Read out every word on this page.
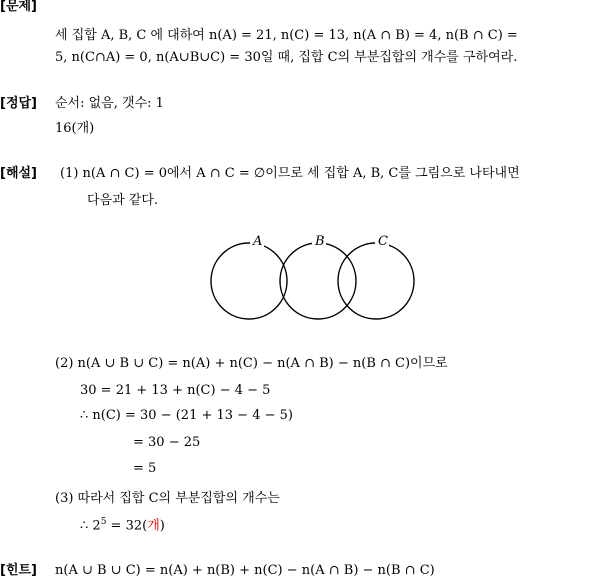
[문제]
세 집합 A, B, C 에 대하여 n(A) = 21, n(C) = 13, n(A ∩ B) = 4, n(B ∩ C) =
5, n(C∩A) = 0, n(A∪B∪C) = 30일 때, 집합 C의 부분집합의 개수를 구하여라.
[정답] 순서: 없음, 갯수: 1
16(개)
[해설] (1) n(A ∩ C) = 0에서 A ∩ C = ∅이므로 세 집합 A, B, C를 그림으로 나타내면
다음과 같다.
A	B	C
(2) n(A ∪ B ∪ C) = n(A) + n(C) − n(A ∩ B) − n(B ∩ C)이므로
30 = 21 + 13 + n(C) − 4 − 5
∴ n(C) = 30 − (21 + 13 − 4 − 5)
= 30 − 25
= 5
(3) 따라서 집합 C의 부분집합의 개수는
∴ $2^5 = 32$(개)
[힌트] n(A ∪ B ∪ C) = n(A) + n(B) + n(C) − n(A ∩ B) − n(B ∩ C)
